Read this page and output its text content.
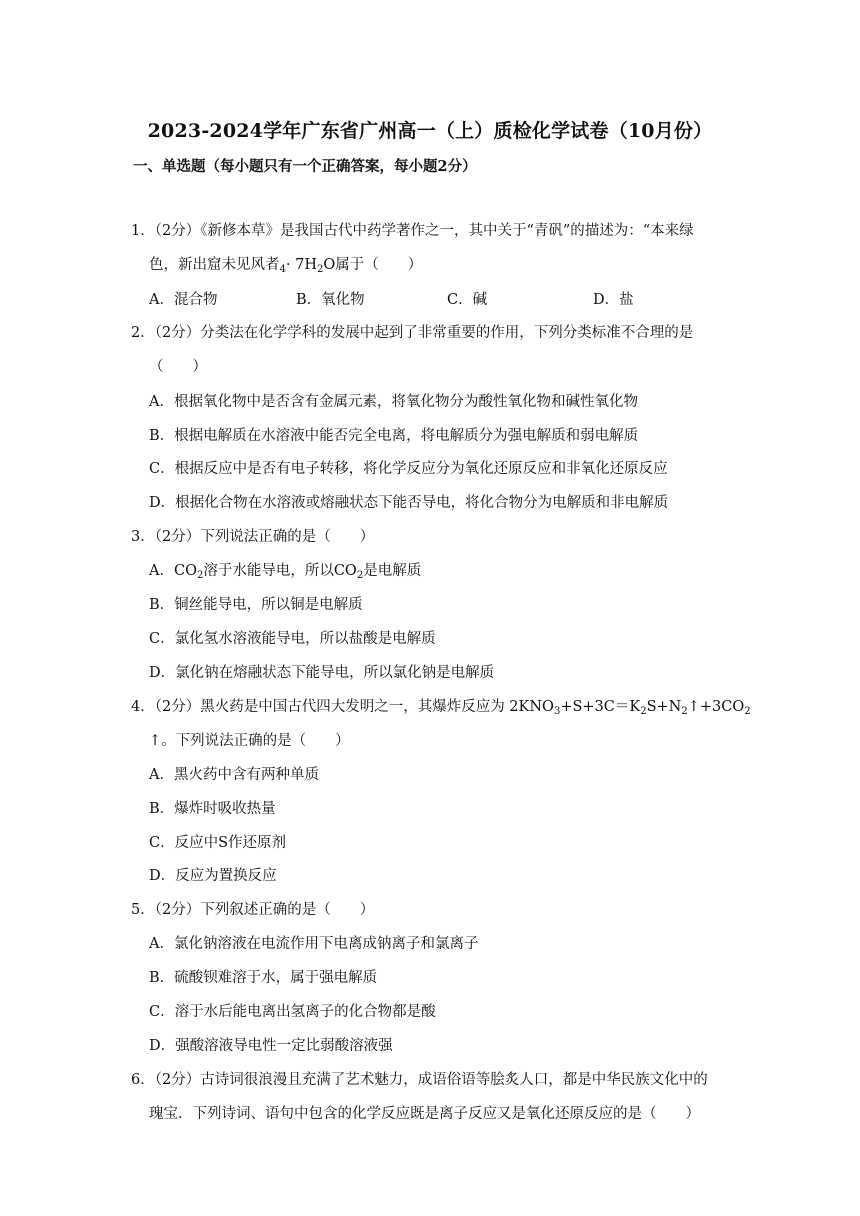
2023-2024学年广东省广州高一（上）质检化学试卷（10月份）
一、单选题（每小题只有一个正确答案，每小题2分）
1．（2分）《新修本草》是我国古代中药学著作之一，其中关于“青矾”的描述为：“本来绿
色，新出窟未见风者$_4\cdot 7H_2O$属于（　　）
A．混合物	B．氧化物	C．碱	D．盐
2．（2分）分类法在化学学科的发展中起到了非常重要的作用，下列分类标准不合理的是
（　　）
A．根据氧化物中是否含有金属元素，将氧化物分为酸性氧化物和碱性氧化物
B．根据电解质在水溶液中能否完全电离，将电解质分为强电解质和弱电解质
C．根据反应中是否有电子转移，将化学反应分为氧化还原反应和非氧化还原反应
D．根据化合物在水溶液或熔融状态下能否导电，将化合物分为电解质和非电解质
3．（2分）下列说法正确的是（　　）
A．$CO_2$溶于水能导电，所以$CO_2$是电解质
B．铜丝能导电，所以铜是电解质
C．氯化氢水溶液能导电，所以盐酸是电解质
D．氯化钠在熔融状态下能导电，所以氯化钠是电解质
4．（2分）黑火药是中国古代四大发明之一，其爆炸反应为 $2KNO_3+S+3C=K_2S+N_2↑+3CO_2$
↑。下列说法正确的是（　　）
A．黑火药中含有两种单质
B．爆炸时吸收热量
C．反应中S作还原剂
D．反应为置换反应
5．（2分）下列叙述正确的是（　　）
A．氯化钠溶液在电流作用下电离成钠离子和氯离子
B．硫酸钡难溶于水，属于强电解质
C．溶于水后能电离出氢离子的化合物都是酸
D．强酸溶液导电性一定比弱酸溶液强
6．（2分）古诗词很浪漫且充满了艺术魅力，成语俗语等脍炙人口，都是中华民族文化中的
瑰宝．下列诗词、语句中包含的化学反应既是离子反应又是氧化还原反应的是（　　）
